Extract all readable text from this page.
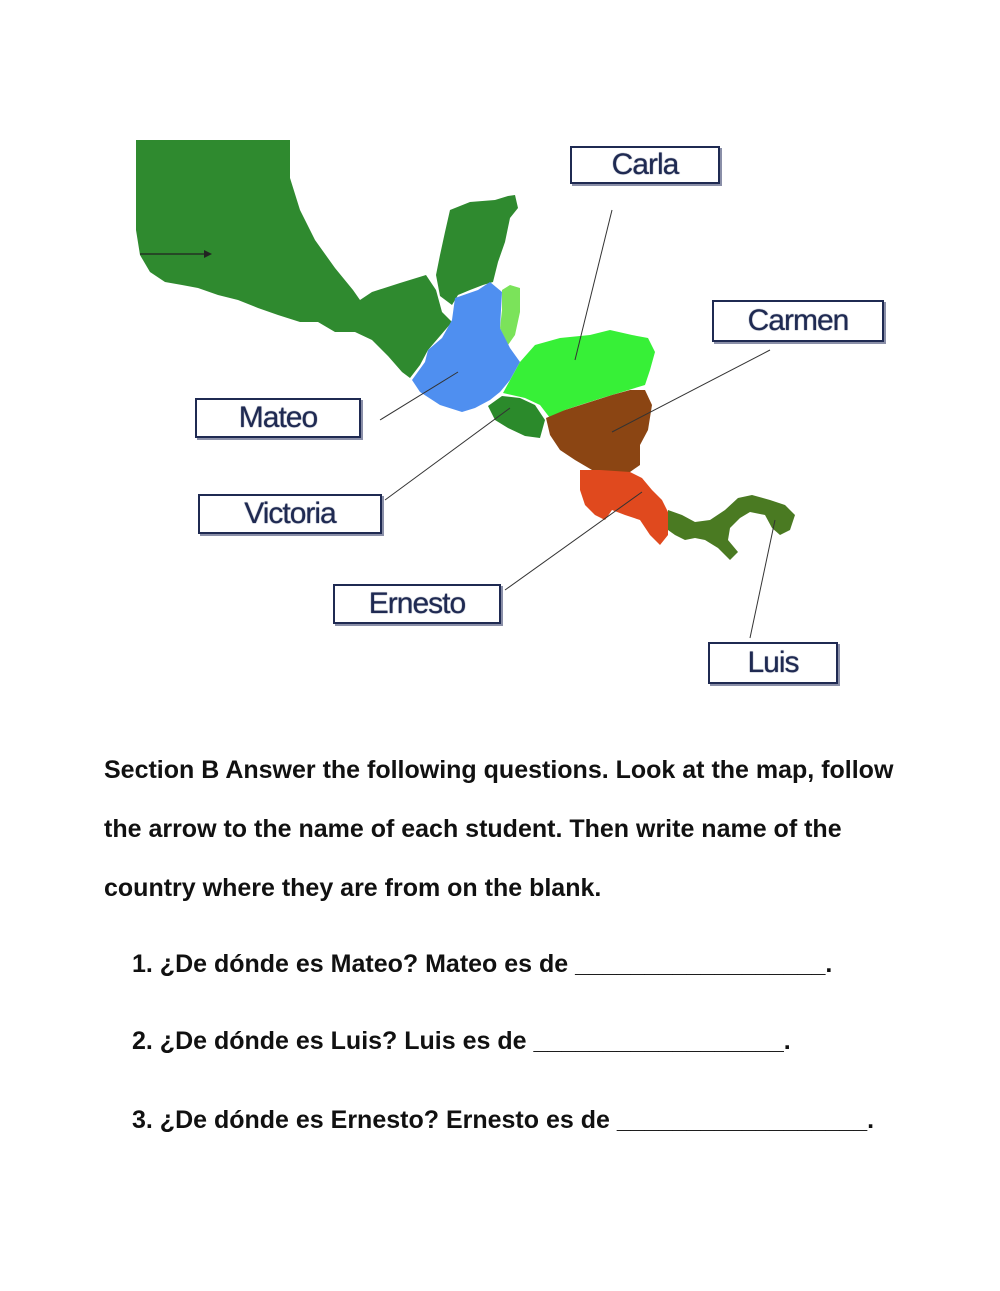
Carla
Carmen
Mateo
Victoria
Ernesto
Luis
Section B Answer the following questions. Look at the map, follow
the arrow to the name of each student. Then write name of the
country where they are from on the blank.
1. ¿De dónde es Mateo? Mateo es de __________________.
2. ¿De dónde es Luis? Luis es de __________________.
3. ¿De dónde es Ernesto? Ernesto es de __________________.
